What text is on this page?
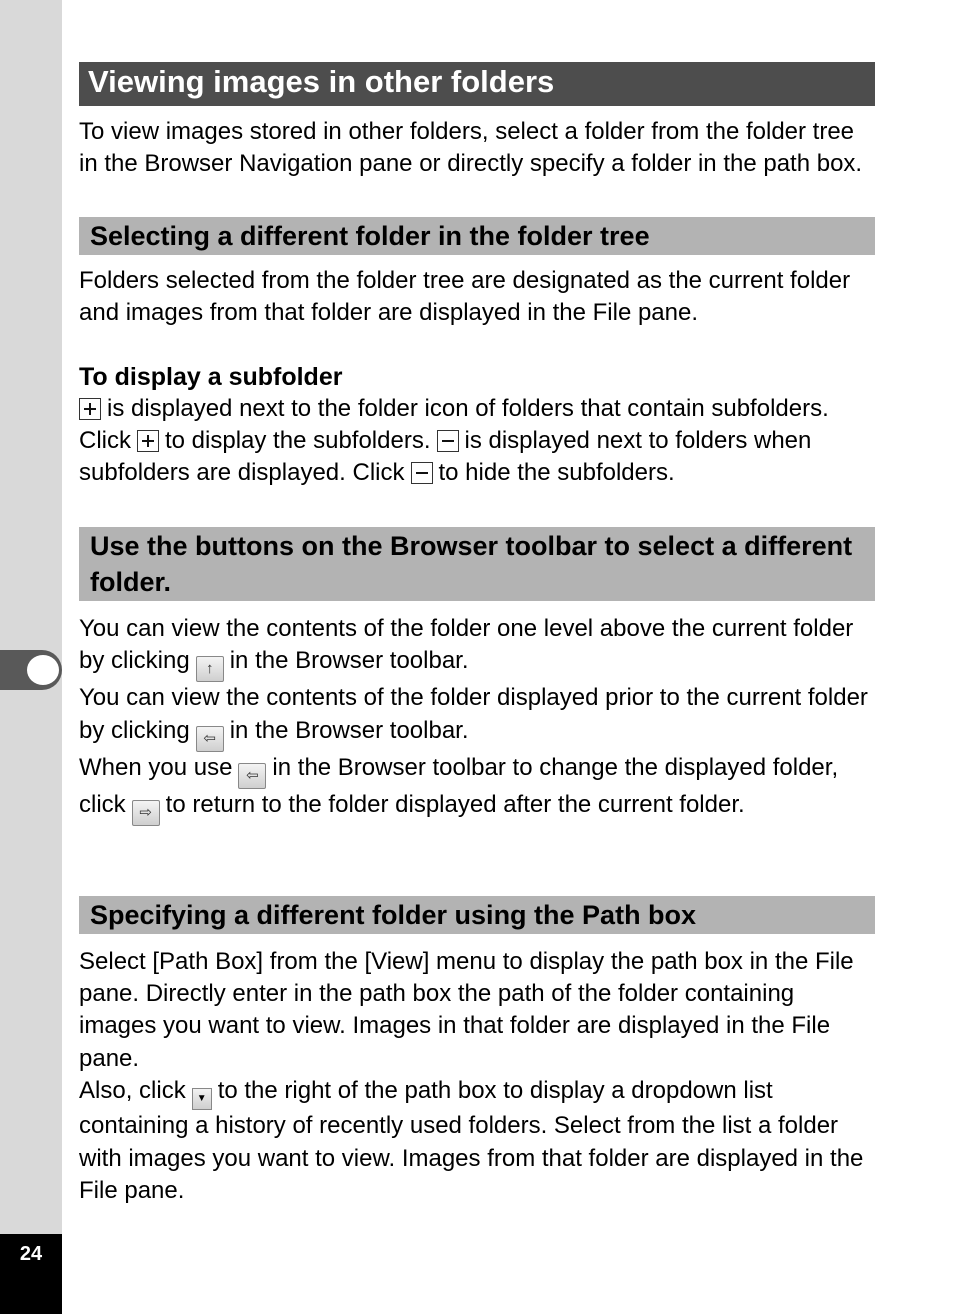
24
Viewing images in other folders

To view images stored in other folders, select a folder from the folder tree in the Browser Navigation pane or directly specify a folder in the path box.

Selecting a different folder in the folder tree

Folders selected from the folder tree are designated as the current folder and images from that folder are displayed in the File pane.

To display a subfolder

is displayed next to the folder icon of folders that contain subfolders. Click to display the subfolders. is displayed next to folders when subfolders are displayed. Click to hide the subfolders.

Use the buttons on the Browser toolbar to select a different folder.

You can view the contents of the folder one level above the current folder by clicking ↑ in the Browser toolbar.

You can view the contents of the folder displayed prior to the current folder by clicking ⇦ in the Browser toolbar.

When you use ⇦ in the Browser toolbar to change the displayed folder, click ⇨ to return to the folder displayed after the current folder.

Specifying a different folder using the Path box

Select [Path Box] from the [View] menu to display the path box in the File pane. Directly enter in the path box the path of the folder containing images you want to view. Images in that folder are displayed in the File pane.

Also, click ▼ to the right of the path box to display a dropdown list containing a history of recently used folders. Select from the list a folder with images you want to view. Images from that folder are displayed in the File pane.
